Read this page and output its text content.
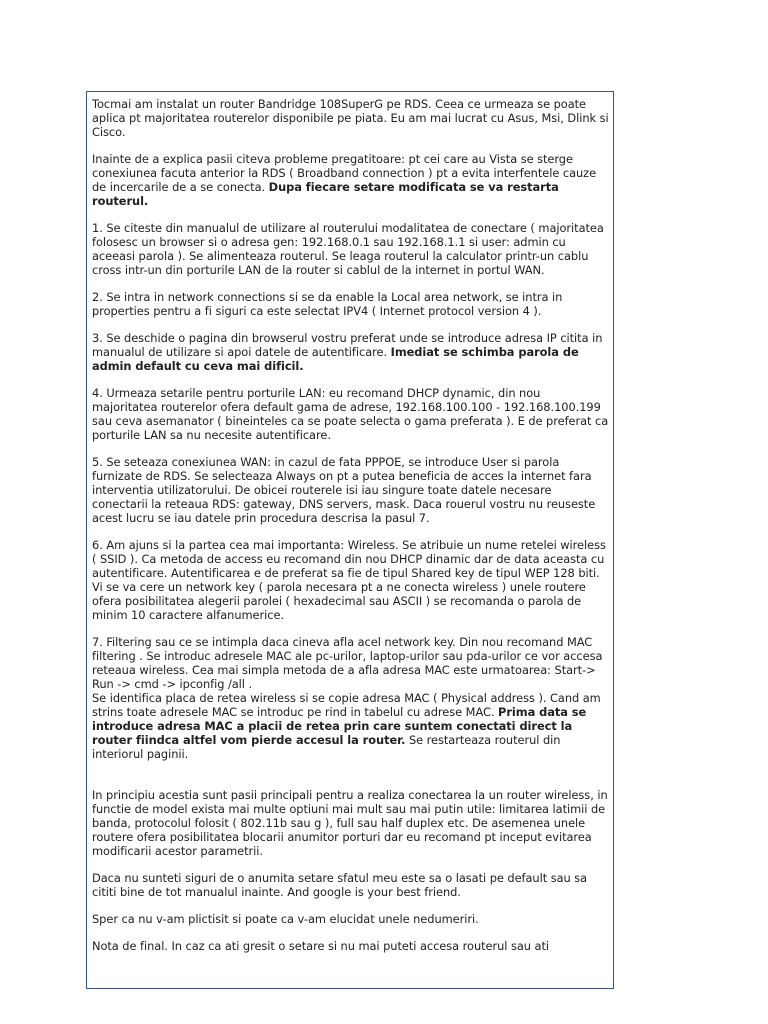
Tocmai am instalat un router Bandridge 108SuperG pe RDS. Ceea ce urmeaza se poate aplica pt majoritatea routerelor disponibile pe piata. Eu am mai lucrat cu Asus, Msi, Dlink si Cisco.

Inainte de a explica pasii citeva probleme pregatitoare: pt cei care au Vista se sterge conexiunea facuta anterior la RDS ( Broadband connection ) pt a evita interfentele cauze de incercarile de a se conecta. Dupa fiecare setare modificata se va restarta routerul.

1. Se citeste din manualul de utilizare al routerului modalitatea de conectare ( majoritatea folosesc un browser si o adresa gen: 192.168.0.1 sau 192.168.1.1 si user: admin cu aceeasi parola ). Se alimenteaza routerul. Se leaga routerul la calculator printr-un cablu cross intr-un din porturile LAN de la router si cablul de la internet in portul WAN.

2. Se intra in network connections si se da enable la Local area network, se intra in properties pentru a fi siguri ca este selectat IPV4 ( Internet protocol version 4 ).

3. Se deschide o pagina din browserul vostru preferat unde se introduce adresa IP citita in manualul de utilizare si apoi datele de autentificare. Imediat se schimba parola de admin default cu ceva mai dificil.

4. Urmeaza setarile pentru porturile LAN: eu recomand DHCP dynamic, din nou majoritatea routerelor ofera default gama de adrese, 192.168.100.100 - 192.168.100.199 sau ceva asemanator ( bineinteles ca se poate selecta o gama preferata ). E de preferat ca porturile LAN sa nu necesite autentificare.

5. Se seteaza conexiunea WAN: in cazul de fata PPPOE, se introduce User si parola furnizate de RDS. Se selecteaza Always on pt a putea beneficia de acces la internet fara interventia utilizatorului. De obicei routerele isi iau singure toate datele necesare conectarii la reteaua RDS: gateway, DNS servers, mask. Daca rouerul vostru nu reuseste acest lucru se iau datele prin procedura descrisa la pasul 7.

6. Am ajuns si la partea cea mai importanta: Wireless. Se atribuie un nume retelei wireless ( SSID ). Ca metoda de access eu recomand din nou DHCP dinamic dar de data aceasta cu autentificare. Autentificarea e de preferat sa fie de tipul Shared key de tipul WEP 128 biti. Vi se va cere un network key ( parola necesara pt a ne conecta wireless ) unele routere ofera posibilitatea alegerii parolei ( hexadecimal sau ASCII ) se recomanda o parola de minim 10 caractere alfanumerice.

7. Filtering sau ce se intimpla daca cineva afla acel network key. Din nou recomand MAC filtering . Se introduc adresele MAC ale pc-urilor, laptop-urilor sau pda-urilor ce vor accesa reteaua wireless. Cea mai simpla metoda de a afla adresa MAC este urmatoarea: Start-> Run -> cmd -> ipconfig /all .
Se identifica placa de retea wireless si se copie adresa MAC ( Physical address ). Cand am strins toate adresele MAC se introduc pe rind in tabelul cu adrese MAC. Prima data se introduce adresa MAC a placii de retea prin care suntem conectati direct la router fiindca altfel vom pierde accesul la router. Se restarteaza routerul din interiorul paginii.

In principiu acestia sunt pasii principali pentru a realiza conectarea la un router wireless, in functie de model exista mai multe optiuni mai mult sau mai putin utile: limitarea latimii de banda, protocolul folosit ( 802.11b sau g ), full sau half duplex etc. De asemenea unele routere ofera posibilitatea blocarii anumitor porturi dar eu recomand pt inceput evitarea modificarii acestor parametrii.

Daca nu sunteti siguri de o anumita setare sfatul meu este sa o lasati pe default sau sa cititi bine de tot manualul inainte. And google is your best friend.

Sper ca nu v-am plictisit si poate ca v-am elucidat unele nedumeriri.

Nota de final. In caz ca ati gresit o setare si nu mai puteti accesa routerul sau ati
